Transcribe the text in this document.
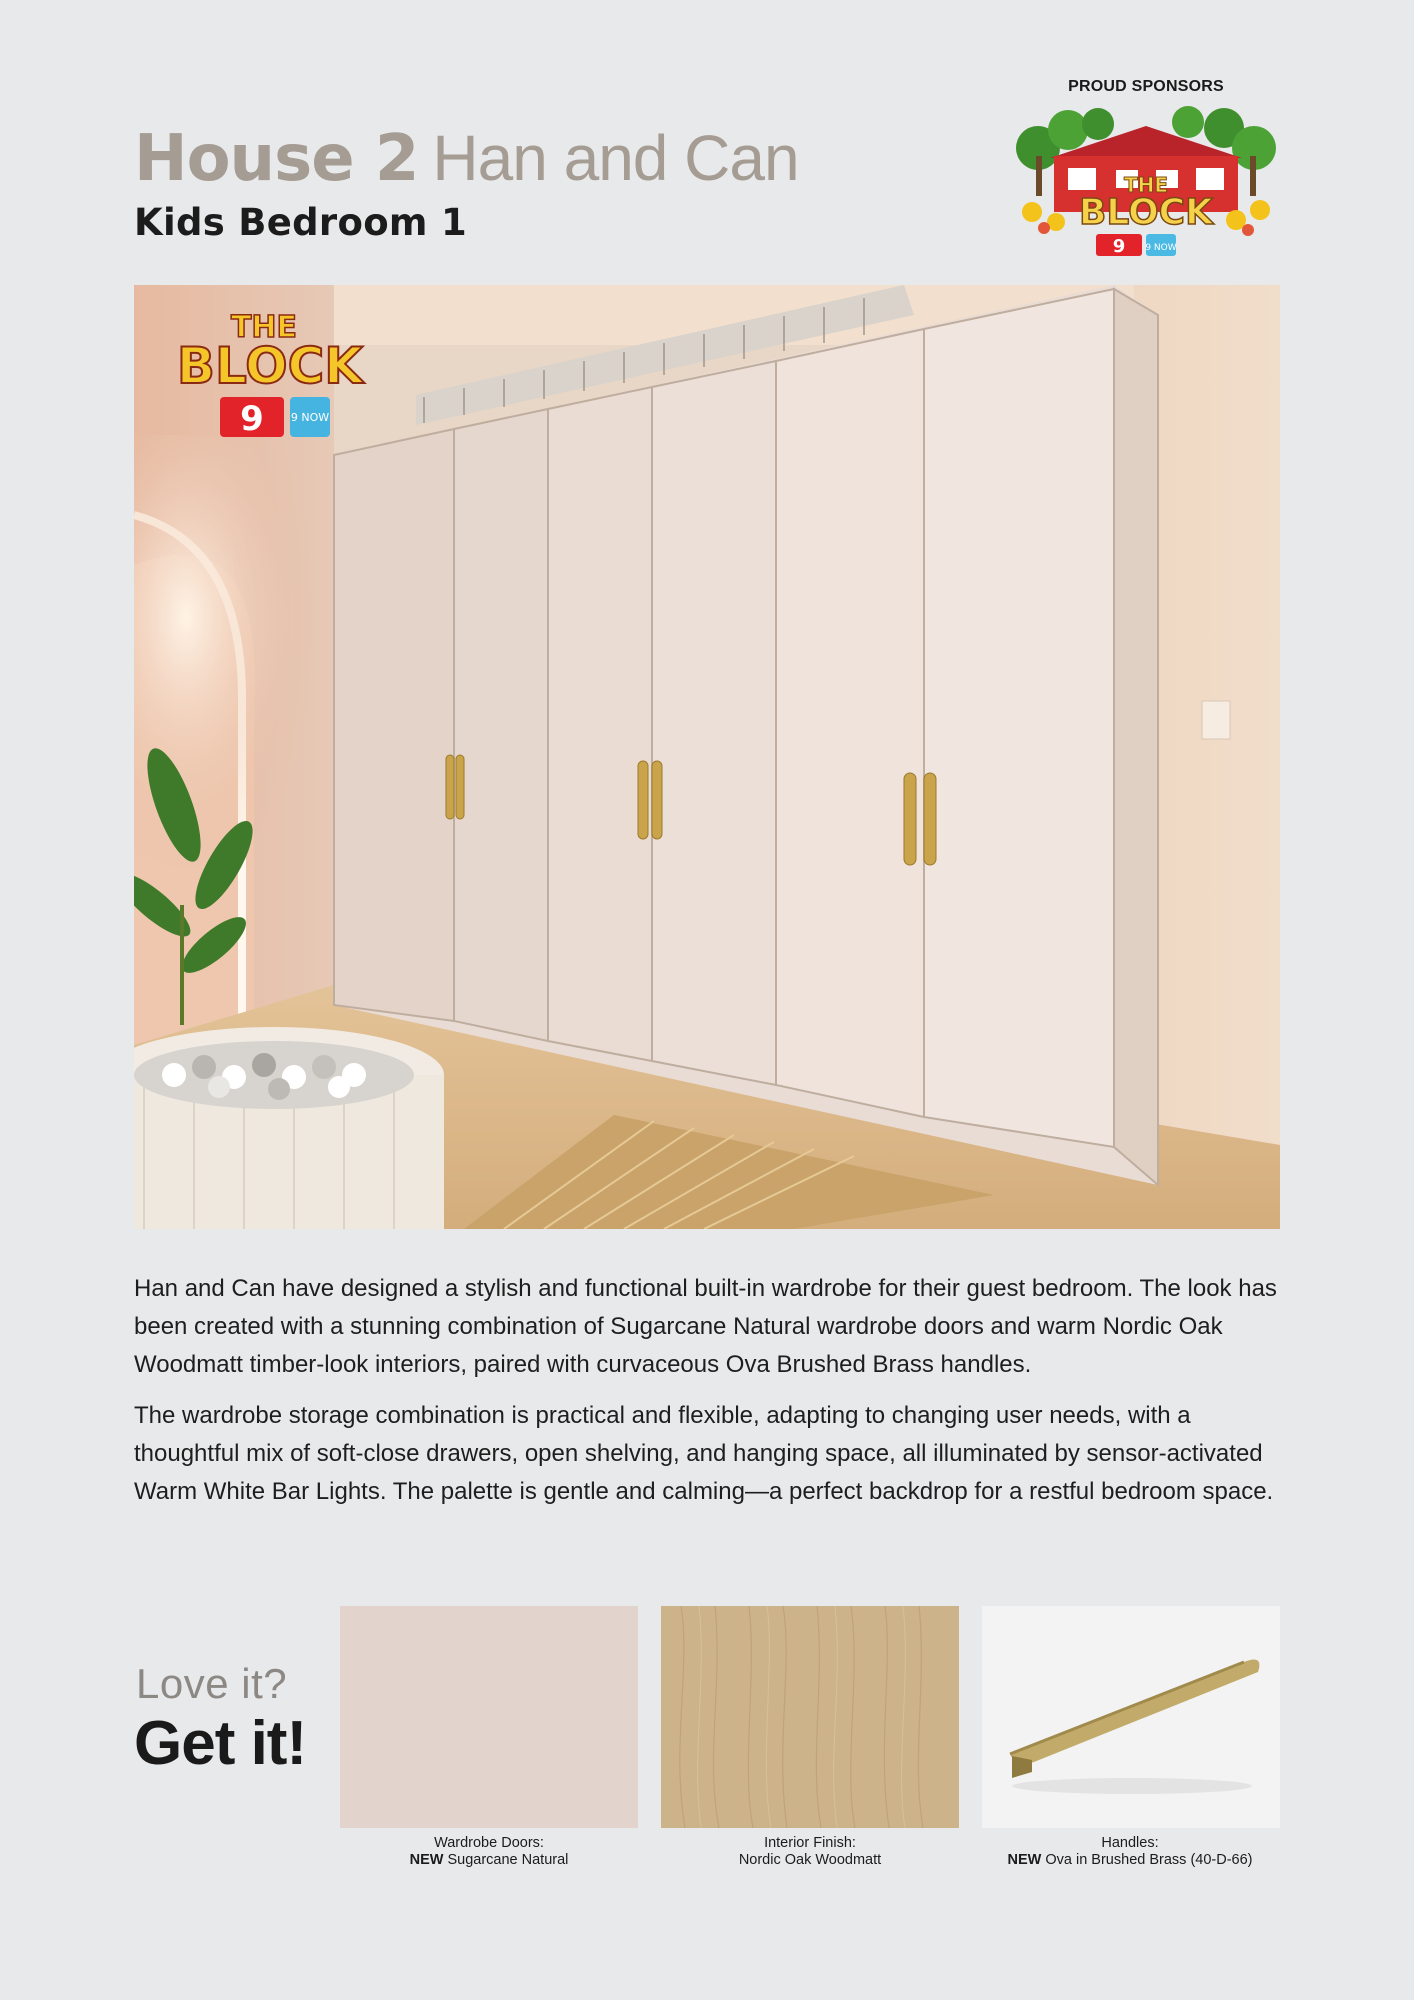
House 2 Han and Can
Kids Bedroom 1
PROUD SPONSORS
THE
BLOCK
9 9 NOW
THE
BLOCK
9 9 NOW

Han and Can have designed a stylish and functional built-in wardrobe for their guest bedroom. The look has been created with a stunning combination of Sugarcane Natural wardrobe doors and warm Nordic Oak Woodmatt timber-look interiors, paired with curvaceous Ova Brushed Brass handles.

The wardrobe storage combination is practical and flexible, adapting to changing user needs, with a thoughtful mix of soft-close drawers, open shelving, and hanging space, all illuminated by sensor-activated Warm White Bar Lights. The palette is gentle and calming—a perfect backdrop for a restful bedroom space.

Love it?
Get it!
Wardrobe Doors:
NEW Sugarcane Natural
Interior Finish:
Nordic Oak Woodmatt
Handles:
NEW Ova in Brushed Brass (40-D-66)
